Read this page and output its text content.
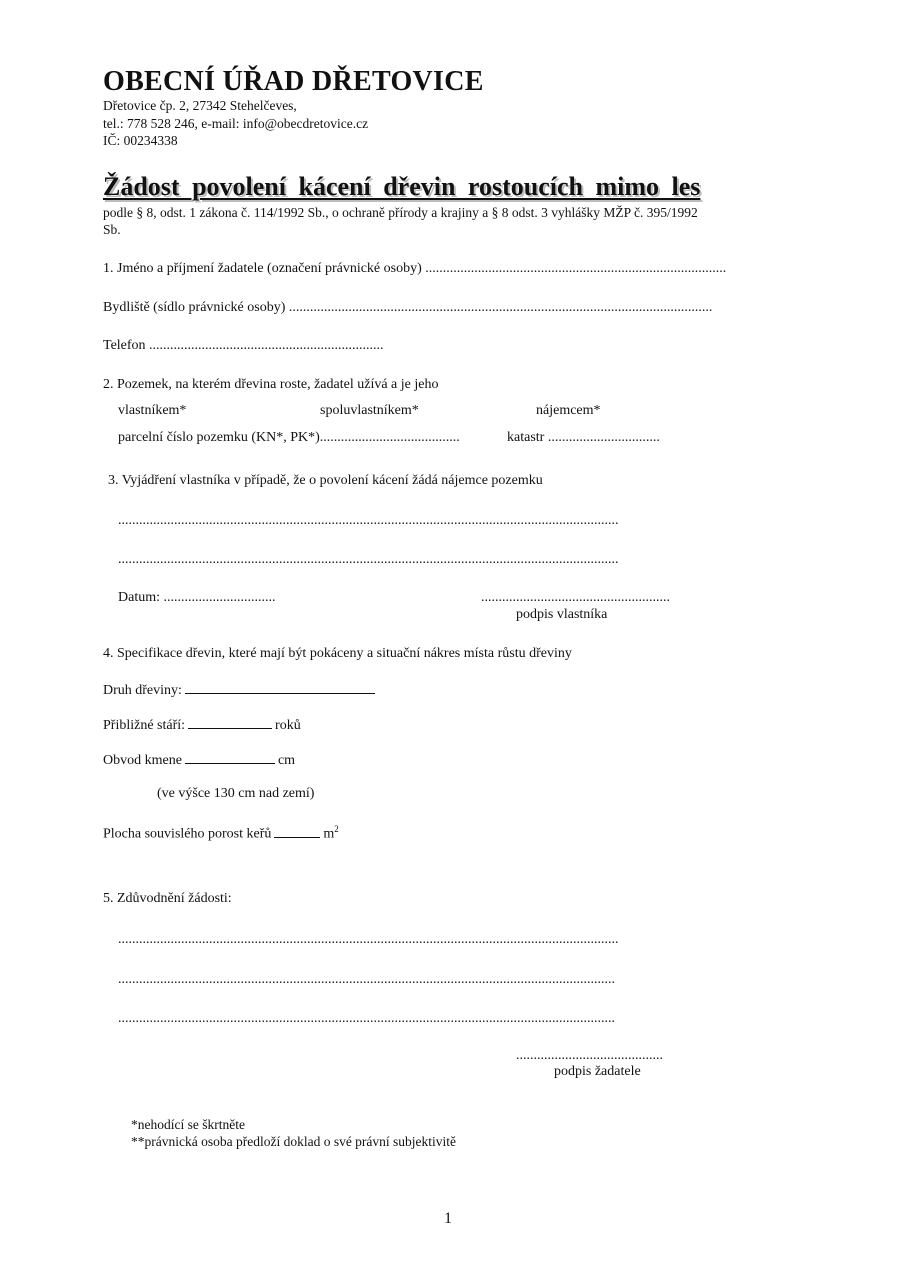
OBECNÍ ÚŘAD DŘETOVICE
Dřetovice čp. 2, 27342 Stehelčeves,
tel.: 778 528 246, e-mail: info@obecdretovice.cz
IČ: 00234338
Žádost povolení kácení dřevin rostoucích mimo les
podle § 8, odst. 1 zákona č. 114/1992 Sb., o ochraně přírody a krajiny a § 8 odst. 3 vyhlášky MŽP č. 395/1992
Sb.
1. Jméno a příjmení žadatele (označení právnické osoby) ......................................................................................
Bydliště (sídlo právnické osoby) .........................................................................................................................
Telefon ...................................................................
2. Pozemek, na kterém dřevina roste, žadatel užívá a je jeho
vlastníkem*	spoluvlastníkem*	nájemcem*
parcelní číslo pozemku (KN*, PK*)........................................	katastr ................................
3. Vyjádření vlastníka v případě, že o povolení kácení žádá nájemce pozemku
...............................................................................................................................................
...............................................................................................................................................
Datum: ................................	......................................................
podpis vlastníka
4. Specifikace dřevin, které mají být pokáceny a situační nákres místa růstu dřeviny
Druh dřeviny:
Přibližné stáří:	roků
Obvod kmene	cm
(ve výšce 130 cm nad zemí)
Plocha souvislého porost keřů	$m^2$
5. Zdůvodnění žádosti:
...............................................................................................................................................
..............................................................................................................................................
..............................................................................................................................................
..........................................
podpis žadatele
*nehodící se škrtněte
**právnická osoba předloží doklad o své právní subjektivitě
1
